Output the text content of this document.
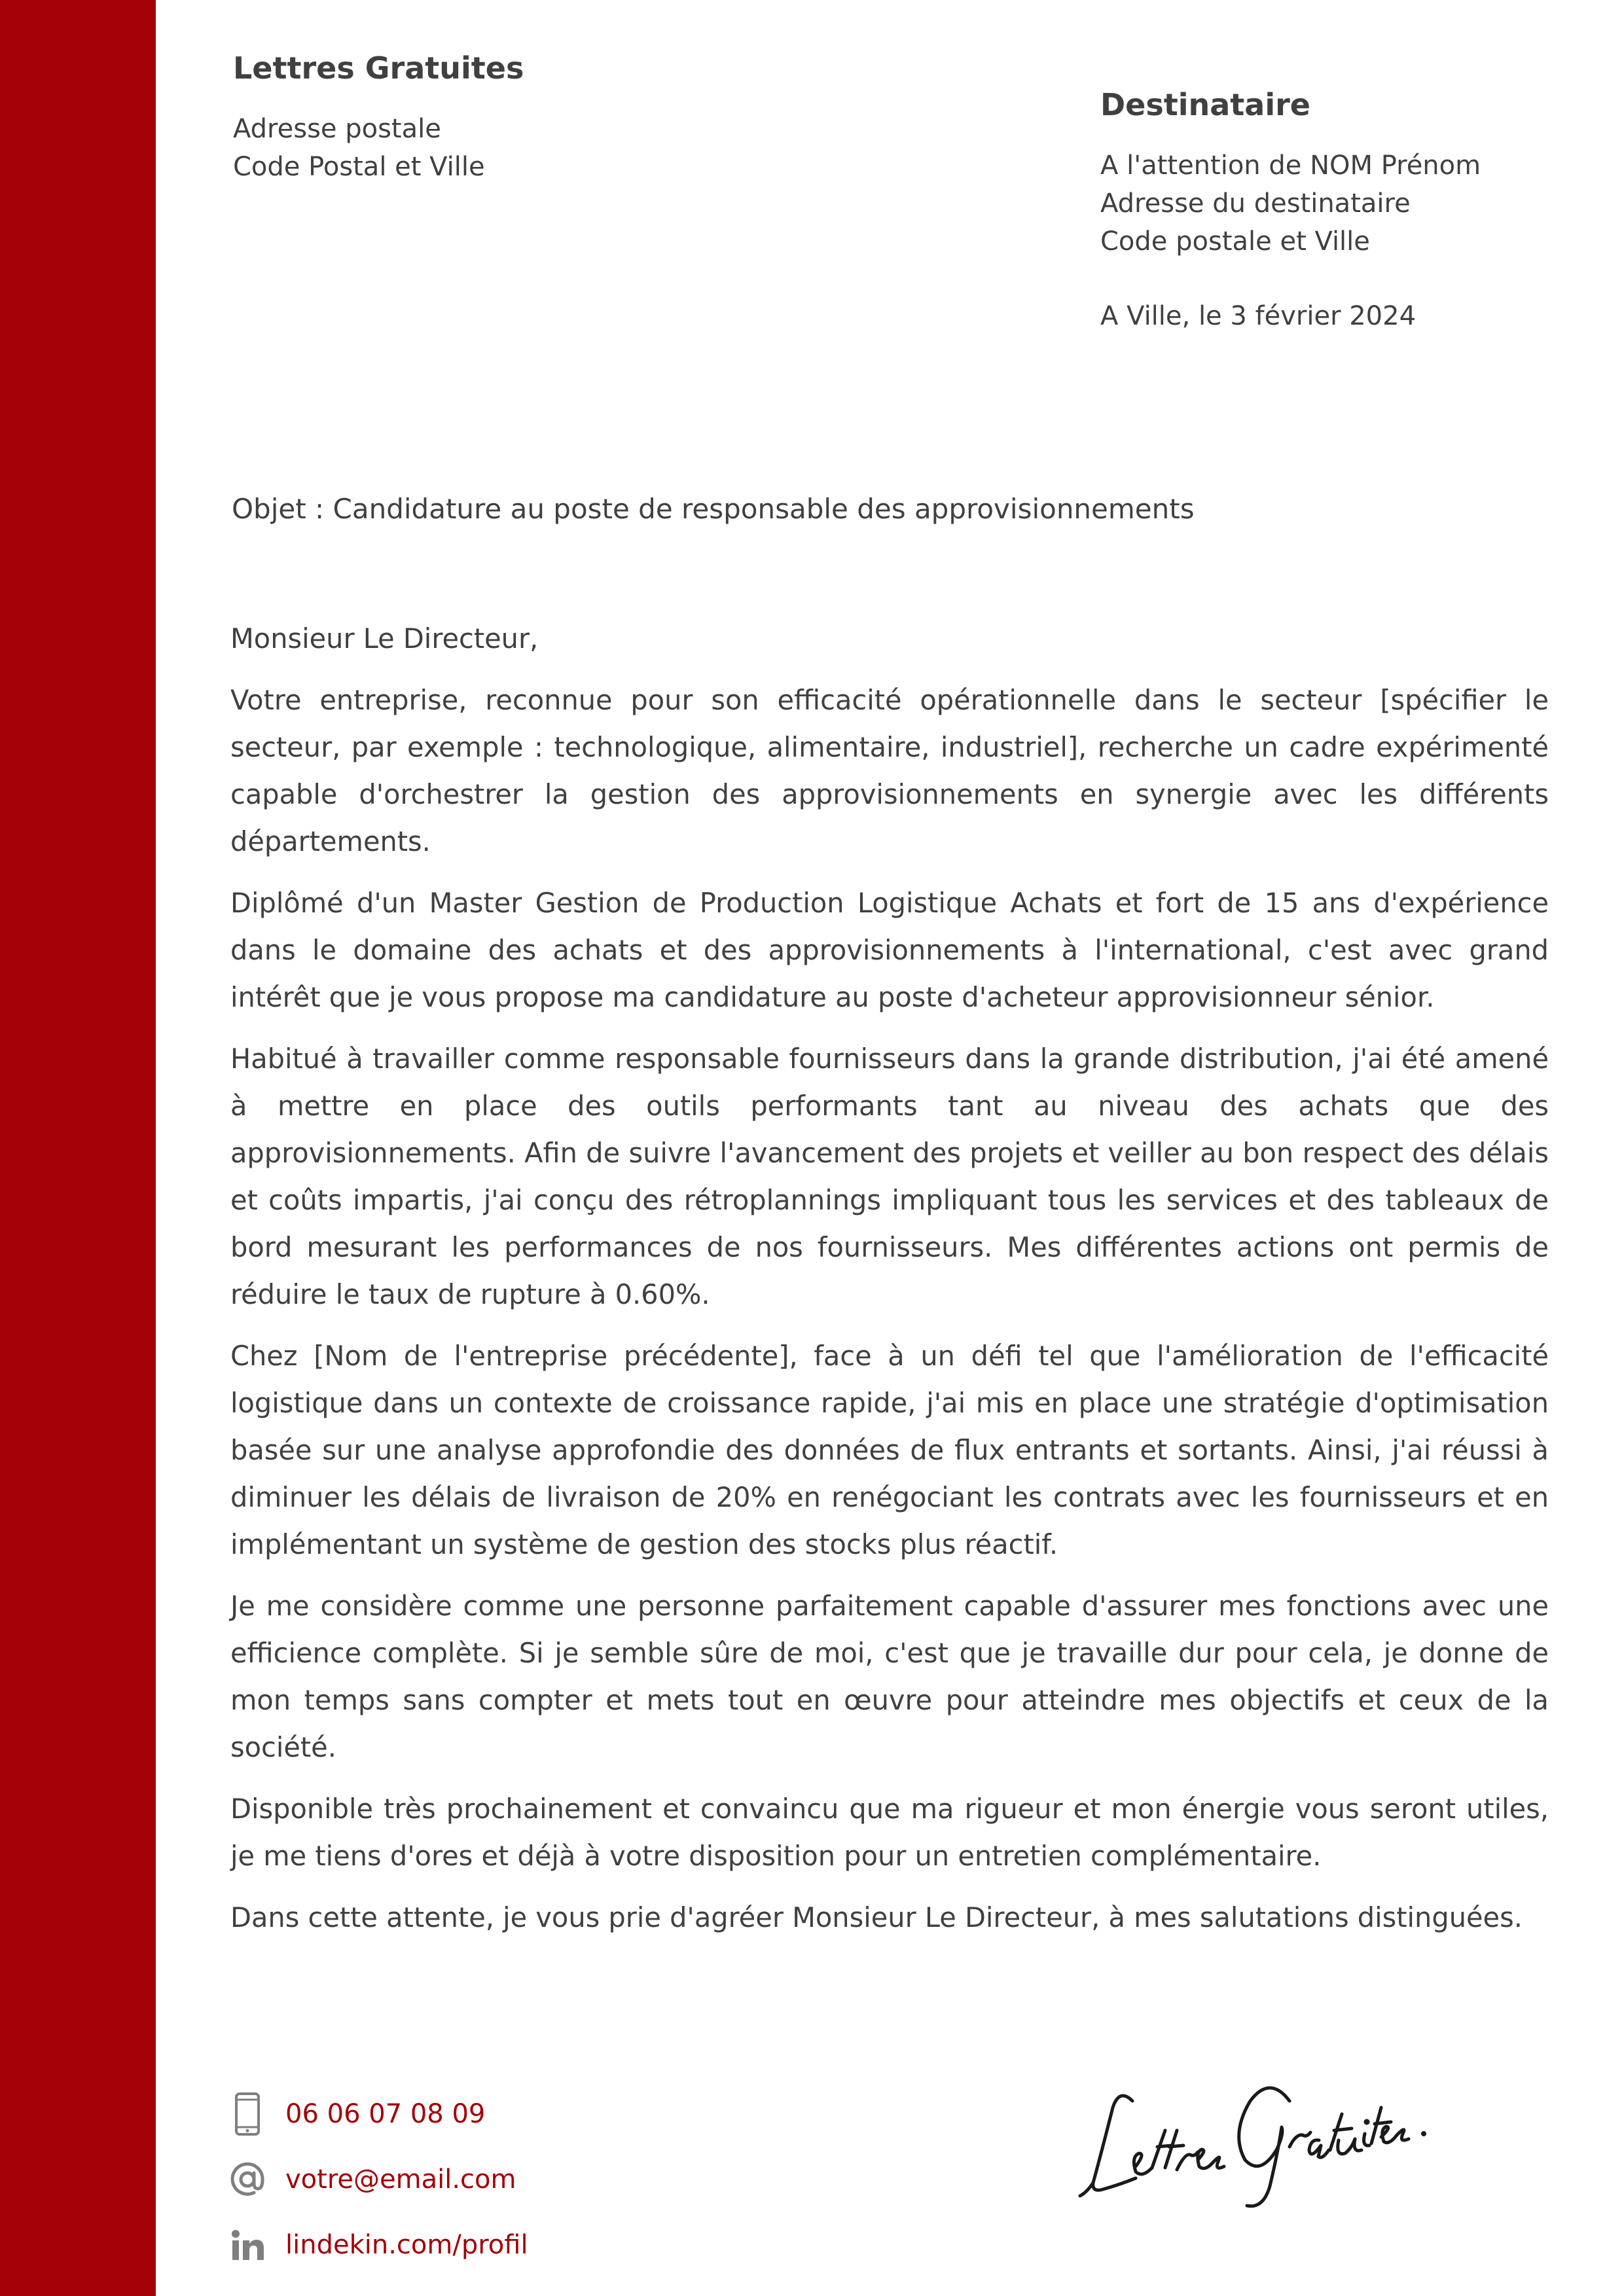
Lettres Gratuites
Adresse postale
Code Postal et Ville
Destinataire
A l'attention de NOM Prénom
Adresse du destinataire
Code postale et Ville
A Ville, le 3 février 2024
Objet : Candidature au poste de responsable des approvisionnements

Monsieur Le Directeur,

Votre entreprise, reconnue pour son efficacité opérationnelle dans le secteur [spécifier le secteur, par exemple : technologique, alimentaire, industriel], recherche un cadre expérimenté capable d'orchestrer la gestion des approvisionnements en synergie avec les différents départements.

Diplômé d'un Master Gestion de Production Logistique Achats et fort de 15 ans d'expérience dans le domaine des achats et des approvisionnements à l'international, c'est avec grand intérêt que je vous propose ma candidature au poste d'acheteur approvisionneur sénior.

Habitué à travailler comme responsable fournisseurs dans la grande distribution, j'ai été amené à mettre en place des outils performants tant au niveau des achats que des approvisionnements. Afin de suivre l'avancement des projets et veiller au bon respect des délais et coûts impartis, j'ai conçu des rétroplannings impliquant tous les services et des tableaux de bord mesurant les performances de nos fournisseurs. Mes différentes actions ont permis de réduire le taux de rupture à 0.60%.

Chez [Nom de l'entreprise précédente], face à un défi tel que l'amélioration de l'efficacité logistique dans un contexte de croissance rapide, j'ai mis en place une stratégie d'optimisation basée sur une analyse approfondie des données de flux entrants et sortants. Ainsi, j'ai réussi à diminuer les délais de livraison de 20% en renégociant les contrats avec les fournisseurs et en implémentant un système de gestion des stocks plus réactif.

Je me considère comme une personne parfaitement capable d'assurer mes fonctions avec une efficience complète. Si je semble sûre de moi, c'est que je travaille dur pour cela, je donne de mon temps sans compter et mets tout en œuvre pour atteindre mes objectifs et ceux de la société.

Disponible très prochainement et convaincu que ma rigueur et mon énergie vous seront utiles, je me tiens d'ores et déjà à votre disposition pour un entretien complémentaire.

Dans cette attente, je vous prie d'agréer Monsieur Le Directeur, à mes salutations distinguées.

06 06 07 08 09
votre@email.com
lindekin.com/profil
